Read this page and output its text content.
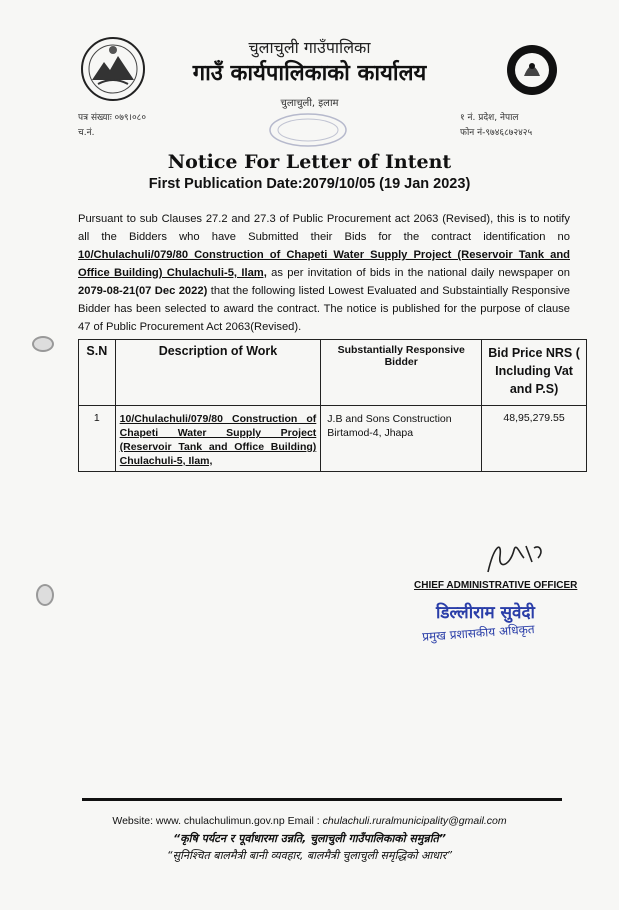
चुलाचुली गाउँपालिका
गाउँ कार्यपालिकाको कार्यालय
चुलाचुली, इलाम
पत्र संख्याः ०७९।०८०
च.नं.
१ नं. प्रदेश, नेपाल
फोन नं-९७४६८७२४२५
Notice For Letter of Intent
First Publication Date:2079/10/05 (19 Jan 2023)
Pursuant to sub Clauses 27.2 and 27.3 of Public Procurement act 2063 (Revised), this is to notify all the Bidders who have Submitted their Bids for the contract identification no 10/Chulachuli/079/80 Construction of Chapeti Water Supply Project (Reservoir Tank and Office Building) Chulachuli-5, Ilam, as per invitation of bids in the national daily newspaper on 2079-08-21(07 Dec 2022) that the following listed Lowest Evaluated and Substaintially Responsive Bidder has been selected to award the contract. The notice is published for the purpose of clause 47 of Public Procurement Act 2063(Revised).
S.N	Description of Work	Substantially Responsive Bidder	Bid Price NRS ( Including Vat and P.S)
1	10/Chulachuli/079/80 Construction of Chapeti Water Supply Project (Reservoir Tank and Office Building) Chulachuli-5, Ilam,	J.B and Sons Construction
Birtamod-4, Jhapa	48,95,279.55
CHIEF ADMINISTRATIVE OFFICER
डिल्लीराम सुवेदी
प्रमुख प्रशासकीय अधिकृत
Website: www. chulachulimun.gov.np Email : chulachuli.ruralmunicipality@gmail.com
“कृषि पर्यटन र पूर्वाधारमा उन्नति, चुलाचुली गाउँपालिकाको समुन्नति”
“सुनिश्चित बालमैत्री बानी व्यवहार, बालमैत्री चुलाचुली समृद्धिको आधार”
